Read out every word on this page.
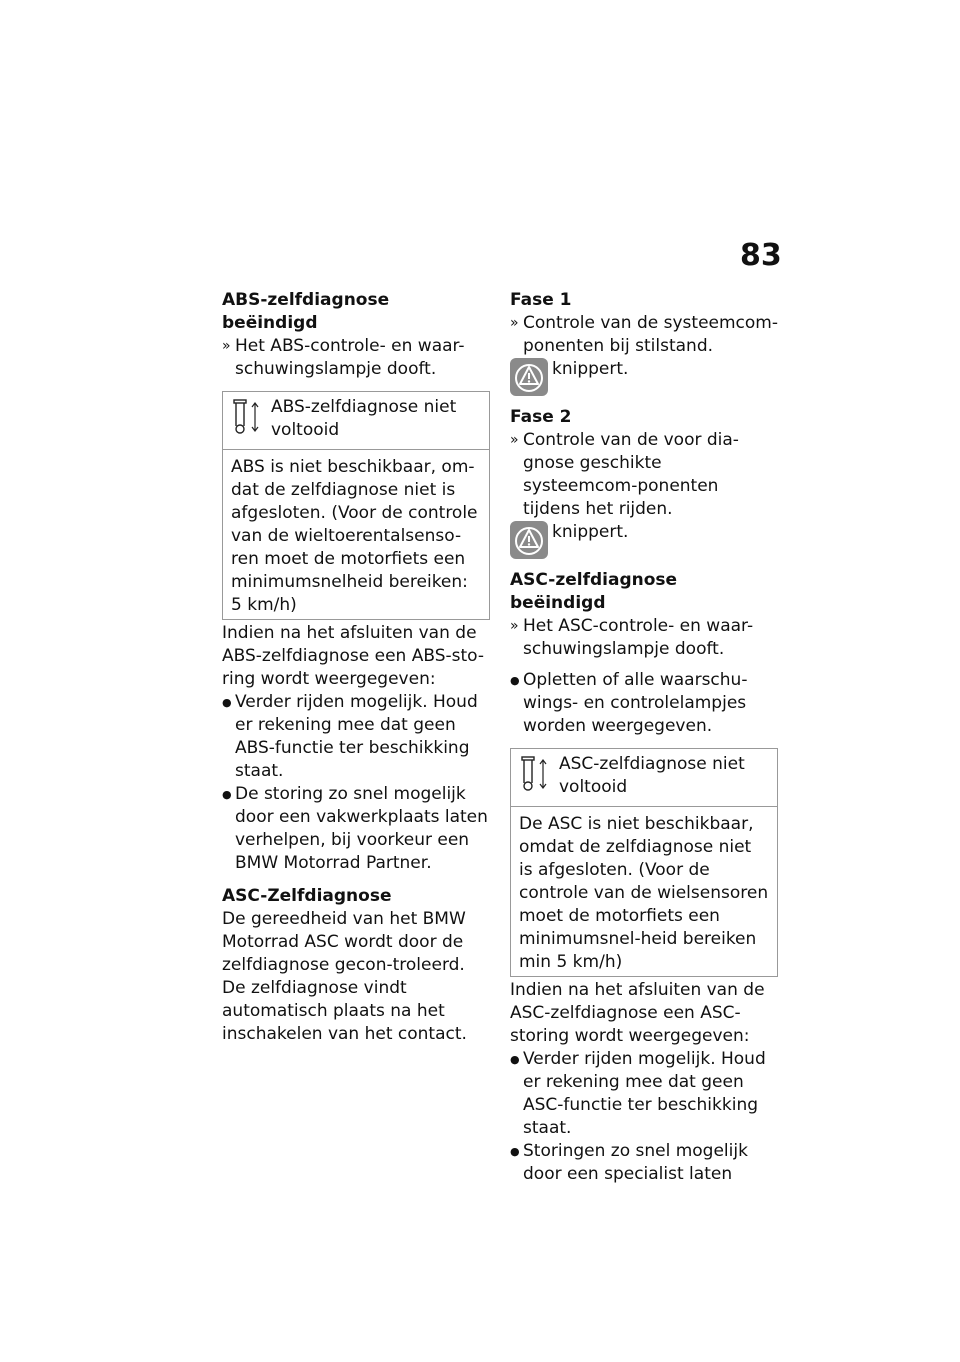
83

ABS-zelfdiagnose beëindigd

» Het ABS-controle- en waar-schuwingslampje dooft.
ABS-zelfdiagnose niet voltooid
ABS is niet beschikbaar, om-dat de zelfdiagnose niet is afgesloten. (Voor de controle van de wieltoerentalsenso-ren moet de motorfiets een minimumsnelheid bereiken: 5 km/h)

Indien na het afsluiten van de ABS-zelfdiagnose een ABS-sto-ring wordt weergegeven:

● Verder rijden mogelijk. Houd er rekening mee dat geen ABS-functie ter beschikking staat.
● De storing zo snel mogelijk door een vakwerkplaats laten verhelpen, bij voorkeur een BMW Motorrad Partner.

ASC-Zelfdiagnose

De gereedheid van het BMW Motorrad ASC wordt door de zelfdiagnose gecon-troleerd. De zelfdiagnose vindt automatisch plaats na het inschakelen van het contact.

Fase 1

» Controle van de systeemcom-ponenten bij stilstand.
knippert.

Fase 2

» Controle van de voor dia-gnose geschikte systeemcom-ponenten tijdens het rijden.
knippert.

ASC-zelfdiagnose beëindigd

» Het ASC-controle- en waar-schuwingslampje dooft.
● Opletten of alle waarschu-wings- en controlelampjes worden weergegeven.
ASC-zelfdiagnose niet voltooid
De ASC is niet beschikbaar, omdat de zelfdiagnose niet is afgesloten. (Voor de controle van de wielsensoren moet de motorfiets een minimumsnel-heid bereiken min 5 km/h)

Indien na het afsluiten van de ASC-zelfdiagnose een ASC-storing wordt weergegeven:

● Verder rijden mogelijk. Houd er rekening mee dat geen ASC-functie ter beschikking staat.
● Storingen zo snel mogelijk door een specialist laten
